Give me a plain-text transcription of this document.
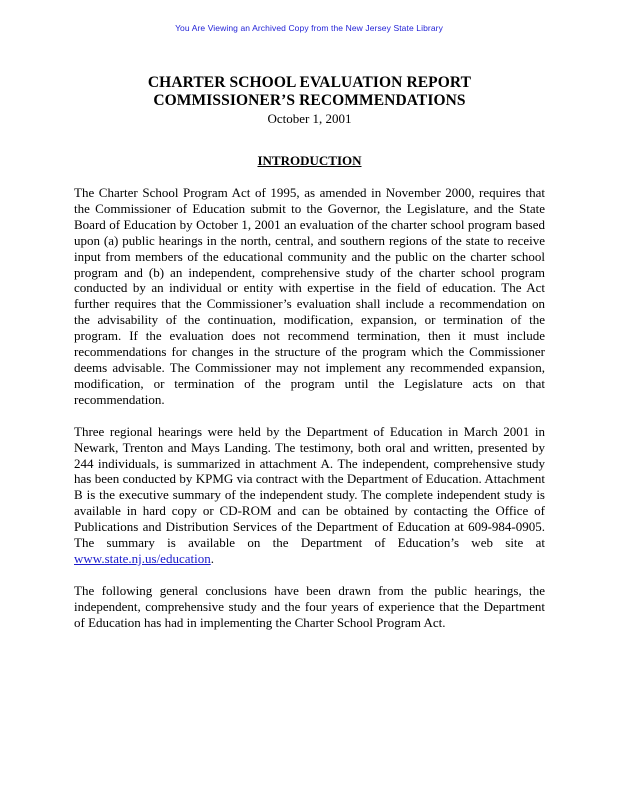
You Are Viewing an Archived Copy from the New Jersey State Library
CHARTER SCHOOL EVALUATION REPORT
COMMISSIONER’S RECOMMENDATIONS
October 1, 2001
INTRODUCTION

The Charter School Program Act of 1995, as amended in November 2000, requires that the Commissioner of Education submit to the Governor, the Legislature, and the State Board of Education by October 1, 2001 an evaluation of the charter school program based upon (a) public hearings in the north, central, and southern regions of the state to receive input from members of the educational community and the public on the charter school program and (b) an independent, comprehensive study of the charter school program conducted by an individual or entity with expertise in the field of education. The Act further requires that the Commissioner’s evaluation shall include a recommendation on the advisability of the continuation, modification, expansion, or termination of the program. If the evaluation does not recommend termination, then it must include recommendations for changes in the structure of the program which the Commissioner deems advisable. The Commissioner may not implement any recommended expansion, modification, or termination of the program until the Legislature acts on that recommendation.

Three regional hearings were held by the Department of Education in March 2001 in Newark, Trenton and Mays Landing. The testimony, both oral and written, presented by 244 individuals, is summarized in attachment A. The independent, comprehensive study has been conducted by KPMG via contract with the Department of Education. Attachment B is the executive summary of the independent study. The complete independent study is available in hard copy or CD-ROM and can be obtained by contacting the Office of Publications and Distribution Services of the Department of Education at 609-984-0905. The summary is available on the Department of Education’s web site at www.state.nj.us/education.

The following general conclusions have been drawn from the public hearings, the independent, comprehensive study and the four years of experience that the Department of Education has had in implementing the Charter School Program Act.
